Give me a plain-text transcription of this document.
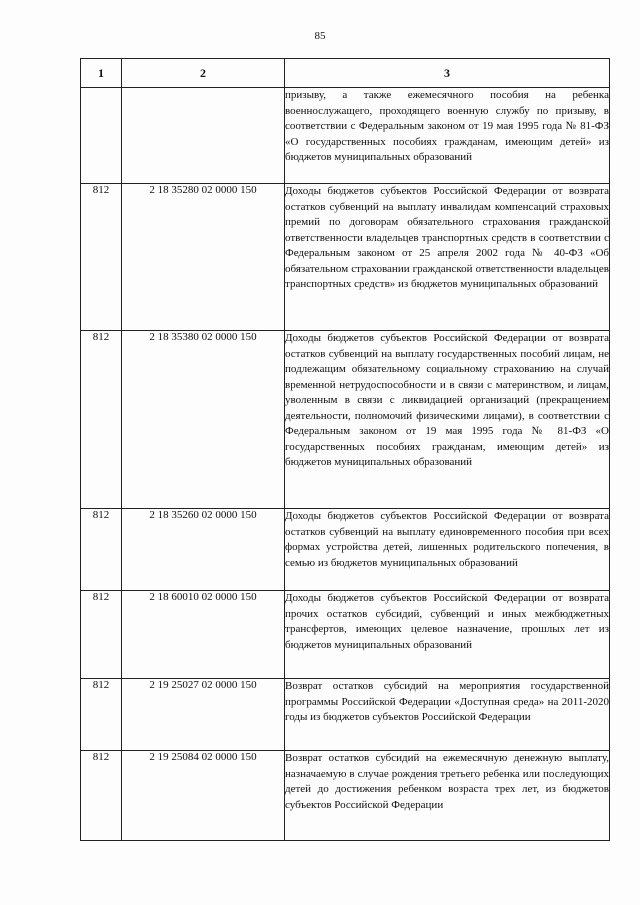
85
1	2	3
		призыву, а также ежемесячного пособия на ребенка военнослужащего, проходящего военную службу по призыву, в соответствии с Федеральным законом от 19 мая 1995 года № 81-ФЗ «О государственных пособиях гражданам, имеющим детей» из бюджетов муниципальных образований
812	2 18 35280 02 0000 150	Доходы бюджетов субъектов Российской Федерации от возврата остатков субвенций на выплату инвалидам компенсаций страховых премий по договорам обязательного страхования гражданской ответственности владельцев транспортных средств в соответствии с Федеральным законом от 25 апреля 2002 года № 40-ФЗ «Об обязательном страховании гражданской ответственности владельцев транспортных средств» из бюджетов муниципальных образований
812	2 18 35380 02 0000 150	Доходы бюджетов субъектов Российской Федерации от возврата остатков субвенций на выплату государственных пособий лицам, не подлежащим обязательному социальному страхованию на случай временной нетрудоспособности и в связи с материнством, и лицам, уволенным в связи с ликвидацией организаций (прекращением деятельности, полномочий физическими лицами), в соответствии с Федеральным законом от 19 мая 1995 года № 81-ФЗ «О государственных пособиях гражданам, имеющим детей» из бюджетов муниципальных образований
812	2 18 35260 02 0000 150	Доходы бюджетов субъектов Российской Федерации от возврата остатков субвенций на выплату единовременного пособия при всех формах устройства детей, лишенных родительского попечения, в семью из бюджетов муниципальных образований
812	2 18 60010 02 0000 150	Доходы бюджетов субъектов Российской Федерации от возврата прочих остатков субсидий, субвенций и иных межбюджетных трансфертов, имеющих целевое назначение, прошлых лет из бюджетов муниципальных образований
812	2 19 25027 02 0000 150	Возврат остатков субсидий на мероприятия государственной программы Российской Федерации «Доступная среда» на 2011-2020 годы из бюджетов субъектов Российской Федерации
812	2 19 25084 02 0000 150	Возврат остатков субсидий на ежемесячную денежную выплату, назначаемую в случае рождения третьего ребенка или последующих детей до достижения ребенком возраста трех лет, из бюджетов субъектов Российской Федерации
